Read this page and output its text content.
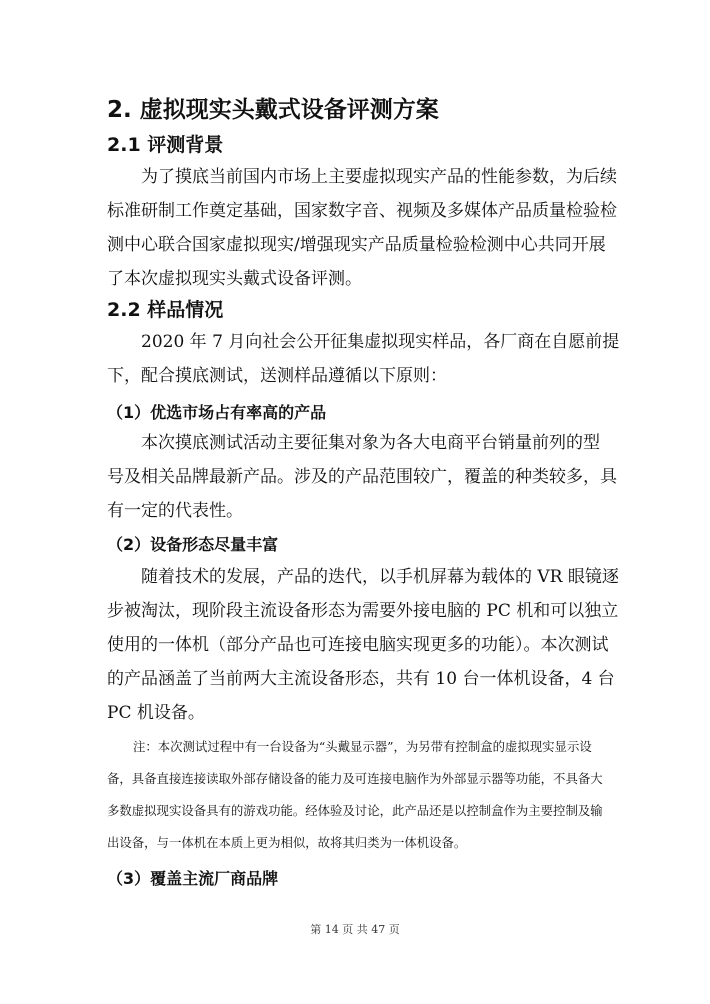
2. 虚拟现实头戴式设备评测方案
2.1 评测背景
为了摸底当前国内市场上主要虚拟现实产品的性能参数，为后续
标准研制工作奠定基础，国家数字音、视频及多媒体产品质量检验检
测中心联合国家虚拟现实/增强现实产品质量检验检测中心共同开展
了本次虚拟现实头戴式设备评测。
2.2 样品情况
2020 年 7 月向社会公开征集虚拟现实样品，各厂商在自愿前提
下，配合摸底测试，送测样品遵循以下原则：
（1）优选市场占有率高的产品
本次摸底测试活动主要征集对象为各大电商平台销量前列的型
号及相关品牌最新产品。涉及的产品范围较广，覆盖的种类较多，具
有一定的代表性。
（2）设备形态尽量丰富
随着技术的发展，产品的迭代，以手机屏幕为载体的 VR 眼镜逐
步被淘汰，现阶段主流设备形态为需要外接电脑的 PC 机和可以独立
使用的一体机（部分产品也可连接电脑实现更多的功能）。本次测试
的产品涵盖了当前两大主流设备形态，共有 10 台一体机设备，4 台
PC 机设备。
注：本次测试过程中有一台设备为“头戴显示器”，为另带有控制盒的虚拟现实显示设
备，具备直接连接读取外部存储设备的能力及可连接电脑作为外部显示器等功能，不具备大
多数虚拟现实设备具有的游戏功能。经体验及讨论，此产品还是以控制盒作为主要控制及输
出设备，与一体机在本质上更为相似，故将其归类为一体机设备。
（3）覆盖主流厂商品牌
第 14 页 共 47 页
